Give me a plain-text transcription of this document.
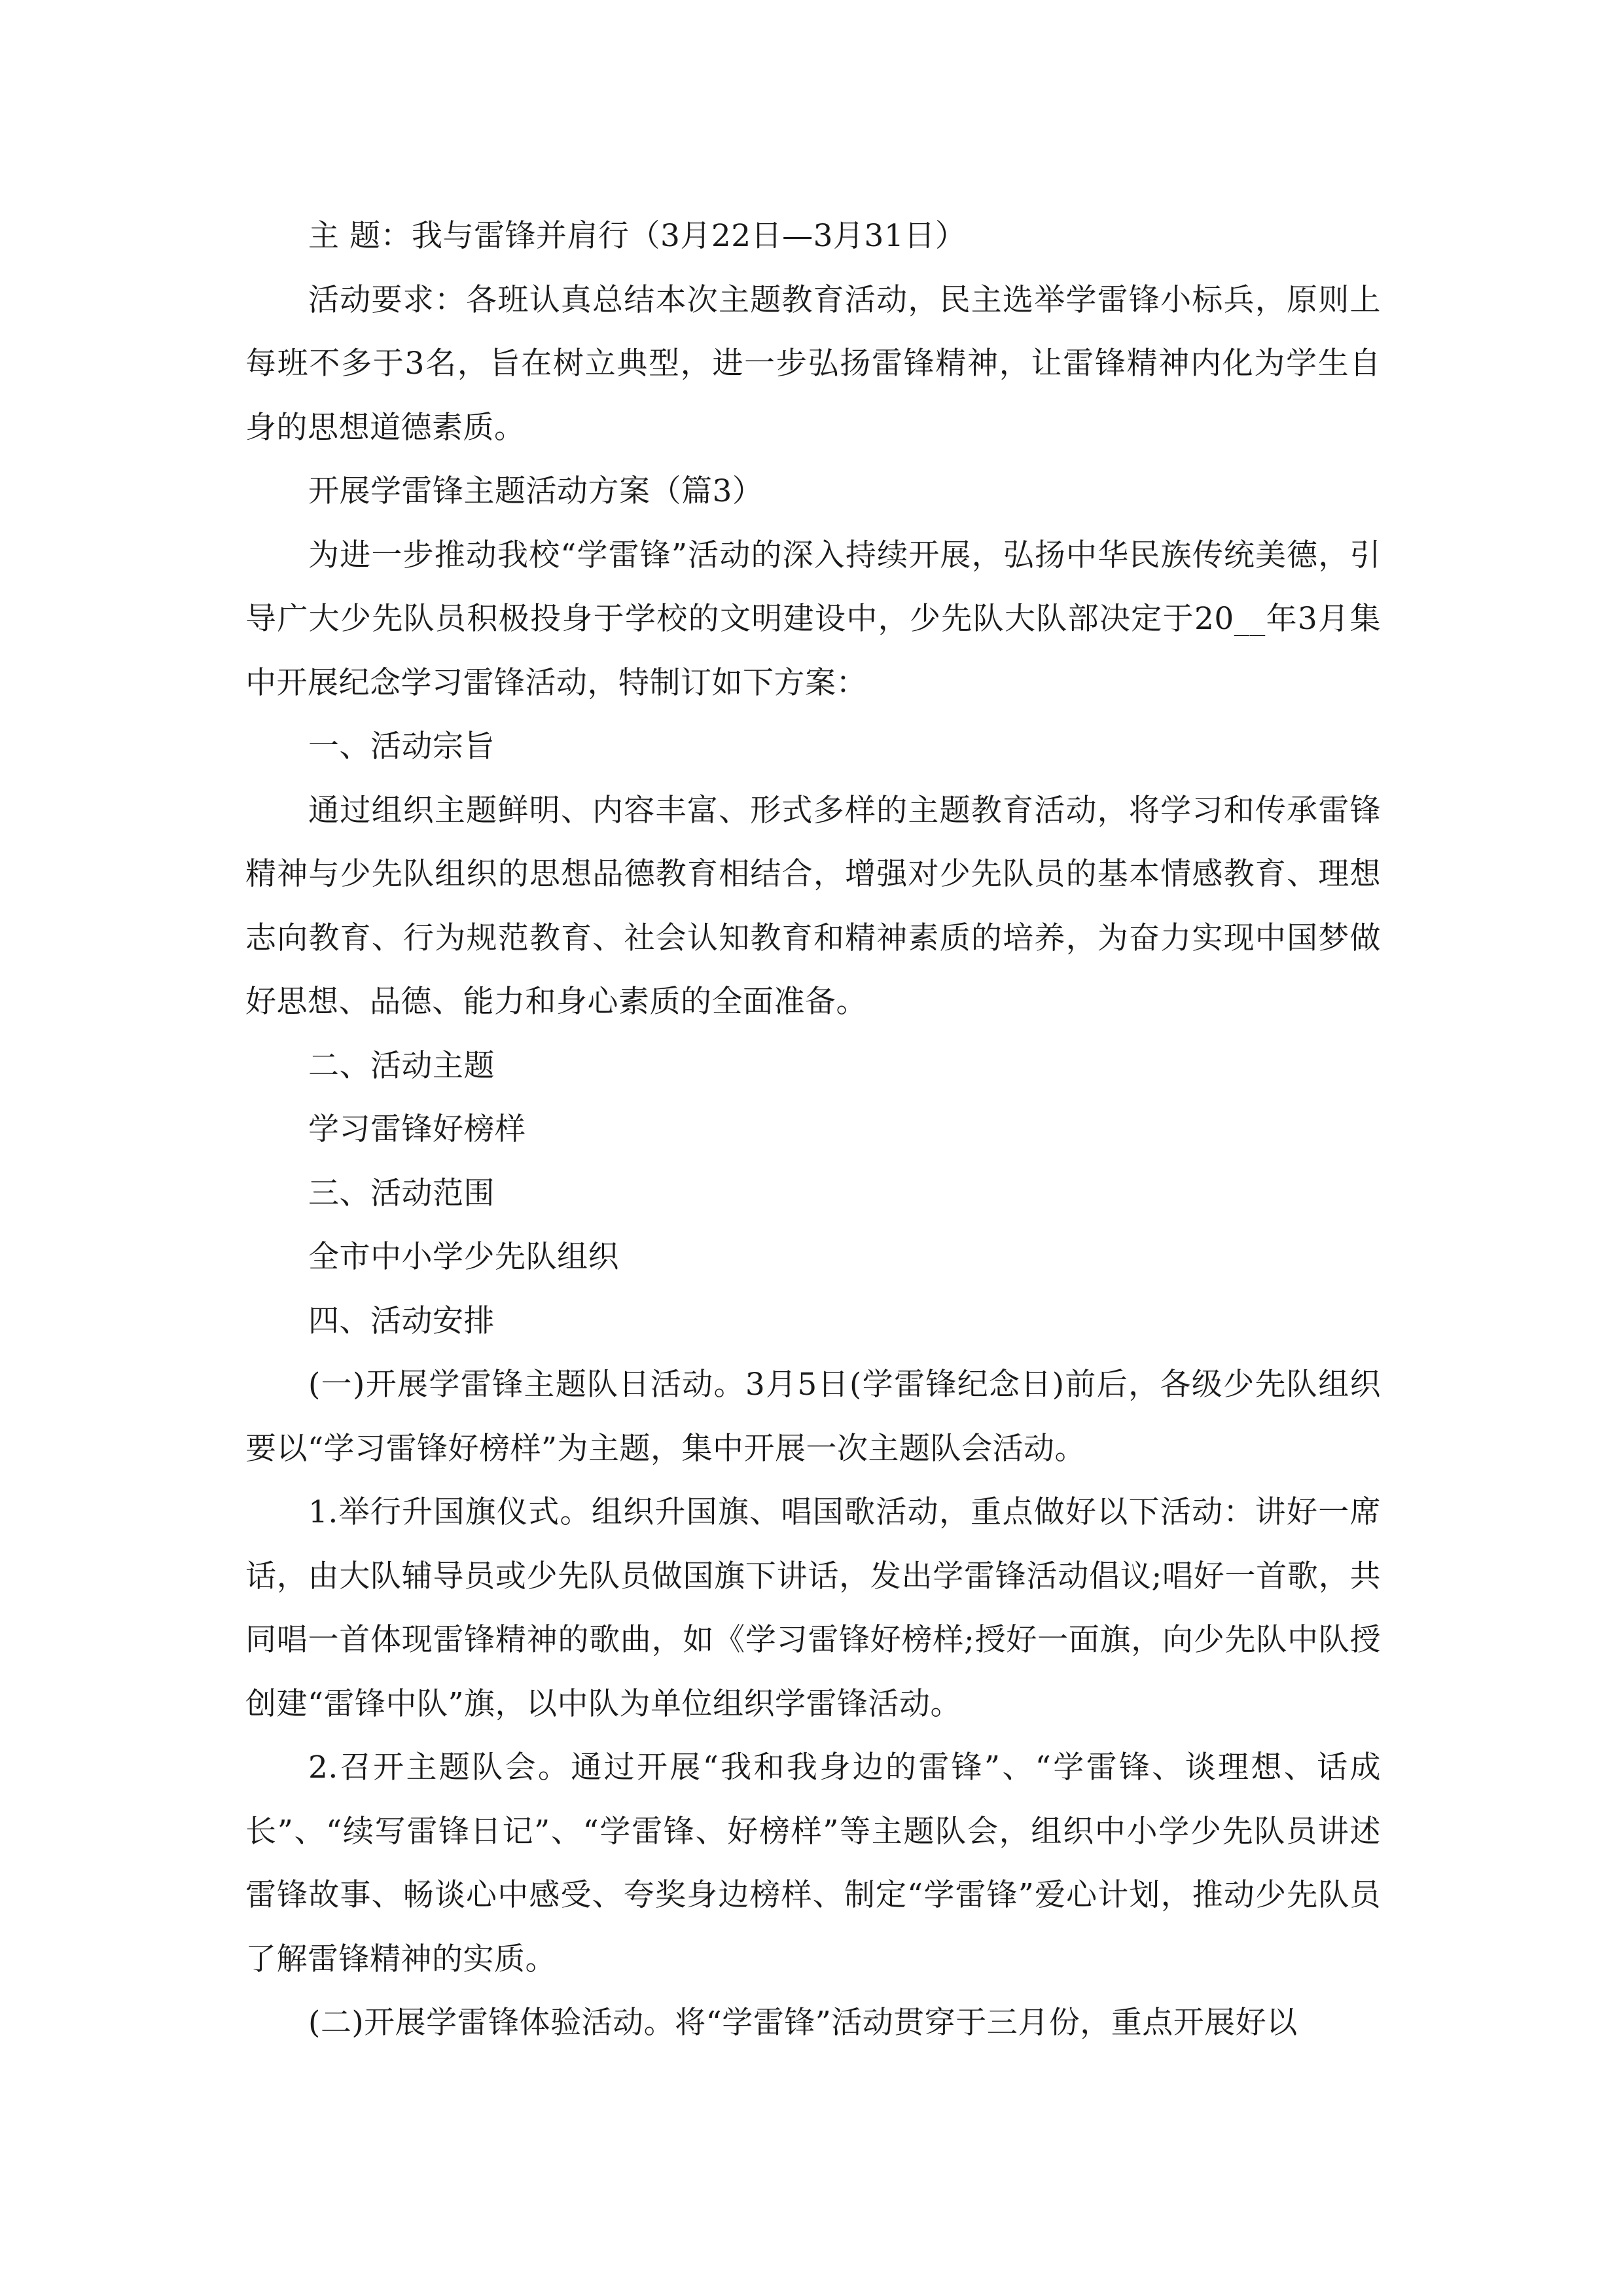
主 题：我与雷锋并肩行（3月22日—3月31日）

活动要求：各班认真总结本次主题教育活动，民主选举学雷锋小标兵，原则上每班不多于3名，旨在树立典型，进一步弘扬雷锋精神，让雷锋精神内化为学生自身的思想道德素质。

开展学雷锋主题活动方案（篇3）

为进一步推动我校“学雷锋”活动的深入持续开展，弘扬中华民族传统美德，引导广大少先队员积极投身于学校的文明建设中，少先队大队部决定于20__年3月集中开展纪念学习雷锋活动，特制订如下方案：

一、活动宗旨

通过组织主题鲜明、内容丰富、形式多样的主题教育活动，将学习和传承雷锋精神与少先队组织的思想品德教育相结合，增强对少先队员的基本情感教育、理想志向教育、行为规范教育、社会认知教育和精神素质的培养，为奋力实现中国梦做好思想、品德、能力和身心素质的全面准备。

二、活动主题

学习雷锋好榜样

三、活动范围

全市中小学少先队组织

四、活动安排

(一)开展学雷锋主题队日活动。3月5日(学雷锋纪念日)前后，各级少先队组织要以“学习雷锋好榜样”为主题，集中开展一次主题队会活动。

1.举行升国旗仪式。组织升国旗、唱国歌活动，重点做好以下活动：讲好一席话，由大队辅导员或少先队员做国旗下讲话，发出学雷锋活动倡议;唱好一首歌，共同唱一首体现雷锋精神的歌曲，如《学习雷锋好榜样;授好一面旗，向少先队中队授创建“雷锋中队”旗，以中队为单位组织学雷锋活动。

2.召开主题队会。通过开展“我和我身边的雷锋”、“学雷锋、谈理想、话成长”、“续写雷锋日记”、“学雷锋、好榜样”等主题队会，组织中小学少先队员讲述雷锋故事、畅谈心中感受、夸奖身边榜样、制定“学雷锋”爱心计划，推动少先队员了解雷锋精神的实质。

(二)开展学雷锋体验活动。将“学雷锋”活动贯穿于三月份，重点开展好以
